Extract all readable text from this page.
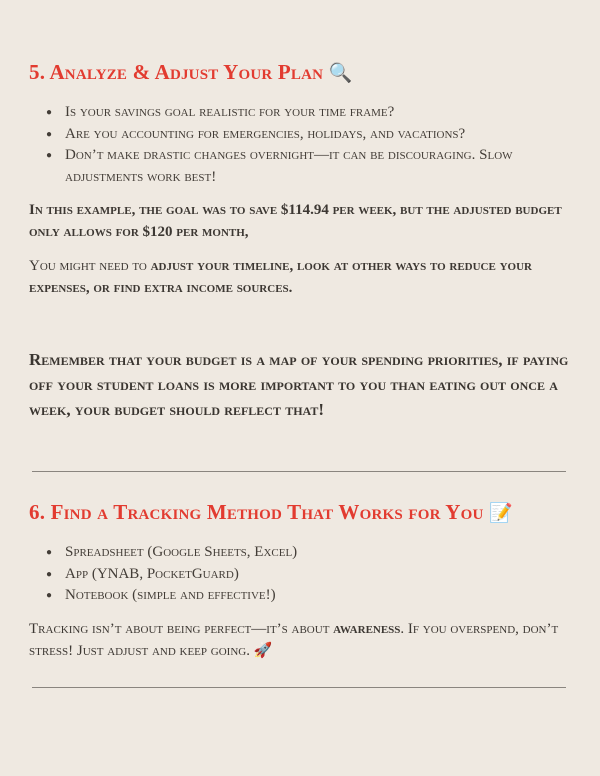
5. Analyze & Adjust Your Plan 🔍
● Is your savings goal realistic for your time frame?
● Are you accounting for emergencies, holidays, and vacations?
● Don’t make drastic changes overnight—it can be discouraging. Slow adjustments work best!

In this example, the goal was to save $114.94 per week, but the adjusted budget only allows for $120 per month,

You might need to adjust your timeline, look at other ways to reduce your expenses, or find extra income sources.

Remember that your budget is a map of your spending priorities, if paying off your student loans is more important to you than eating out once a week, your budget should reflect that!

6. Find a Tracking Method That Works for You 📝
● Spreadsheet (Google Sheets, Excel)
● App (YNAB, PocketGuard)
● Notebook (simple and effective!)

Tracking isn’t about being perfect—it’s about awareness. If you overspend, don’t stress! Just adjust and keep going. 🚀
